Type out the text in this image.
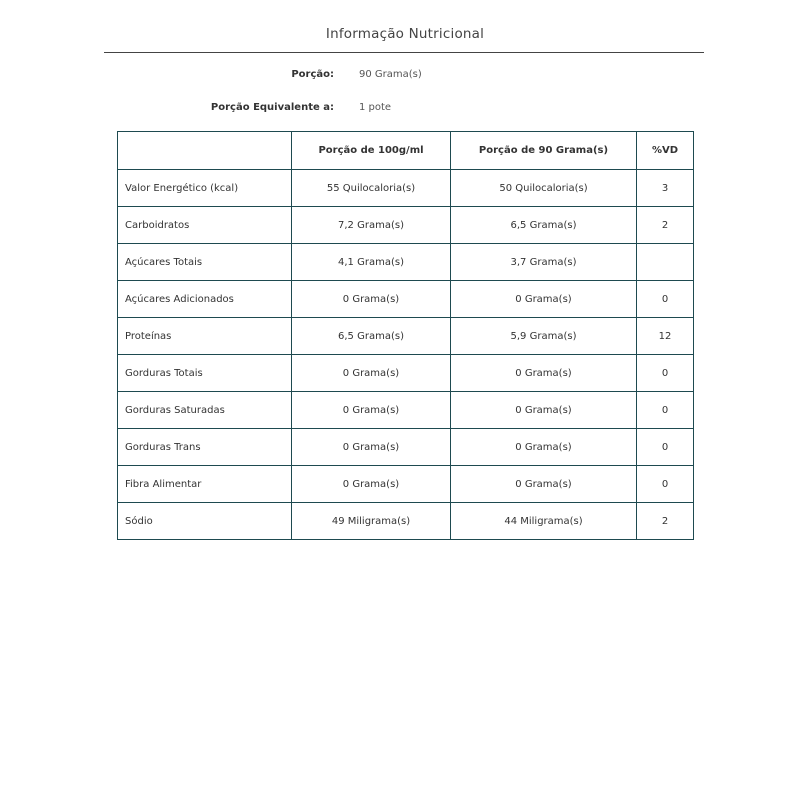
Informação Nutricional
Porção:	90 Grama(s)
Porção Equivalente a:	1 pote
	Porção de 100g/ml	Porção de 90 Grama(s)	%VD
Valor Energético (kcal)	55 Quilocaloria(s)	50 Quilocaloria(s)	3
Carboidratos	7,2 Grama(s)	6,5 Grama(s)	2
Açúcares Totais	4,1 Grama(s)	3,7 Grama(s)	
Açúcares Adicionados	0 Grama(s)	0 Grama(s)	0
Proteínas	6,5 Grama(s)	5,9 Grama(s)	12
Gorduras Totais	0 Grama(s)	0 Grama(s)	0
Gorduras Saturadas	0 Grama(s)	0 Grama(s)	0
Gorduras Trans	0 Grama(s)	0 Grama(s)	0
Fibra Alimentar	0 Grama(s)	0 Grama(s)	0
Sódio	49 Miligrama(s)	44 Miligrama(s)	2
